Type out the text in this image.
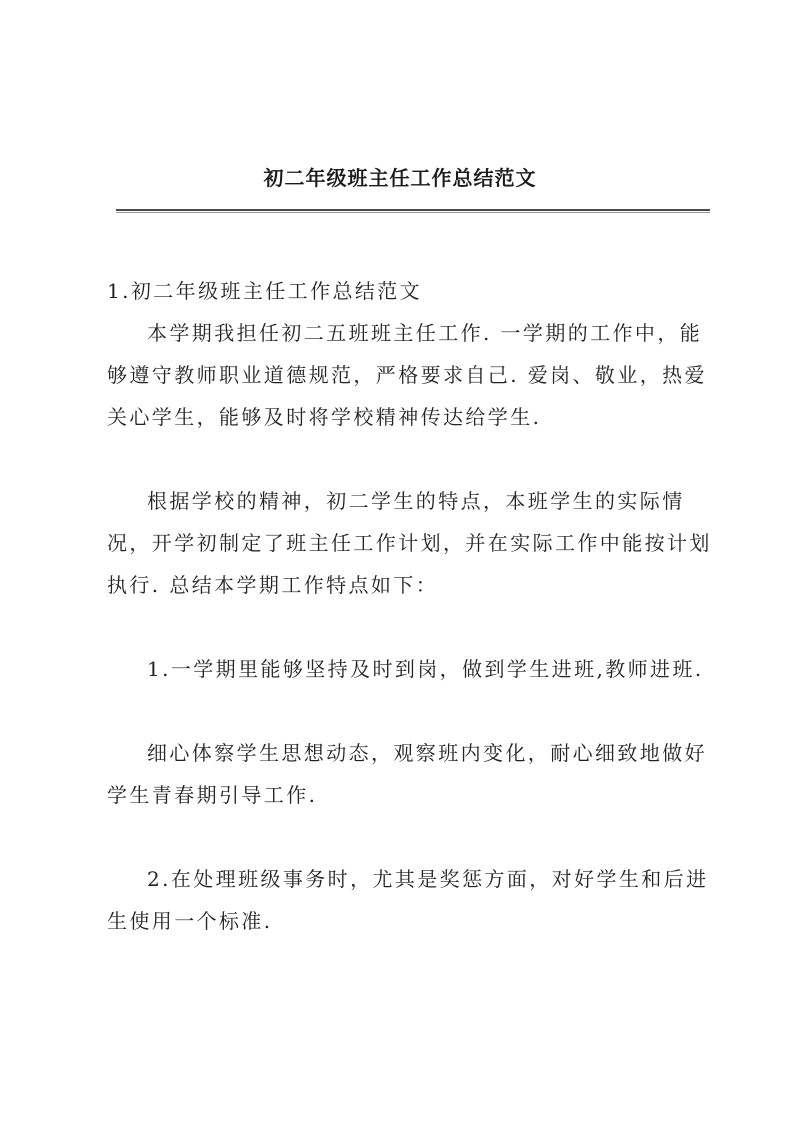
初二年级班主任工作总结范文

1.初二年级班主任工作总结范文

本学期我担任初二五班班主任工作. 一学期的工作中，能够遵守教师职业道德规范，严格要求自己. 爱岗、敬业，热爱关心学生，能够及时将学校精神传达给学生.

根据学校的精神，初二学生的特点，本班学生的实际情况，开学初制定了班主任工作计划，并在实际工作中能按计划执行. 总结本学期工作特点如下：

1.一学期里能够坚持及时到岗，做到学生进班,教师进班.

细心体察学生思想动态，观察班内变化，耐心细致地做好学生青春期引导工作.

2.在处理班级事务时，尤其是奖惩方面，对好学生和后进生使用一个标准.
